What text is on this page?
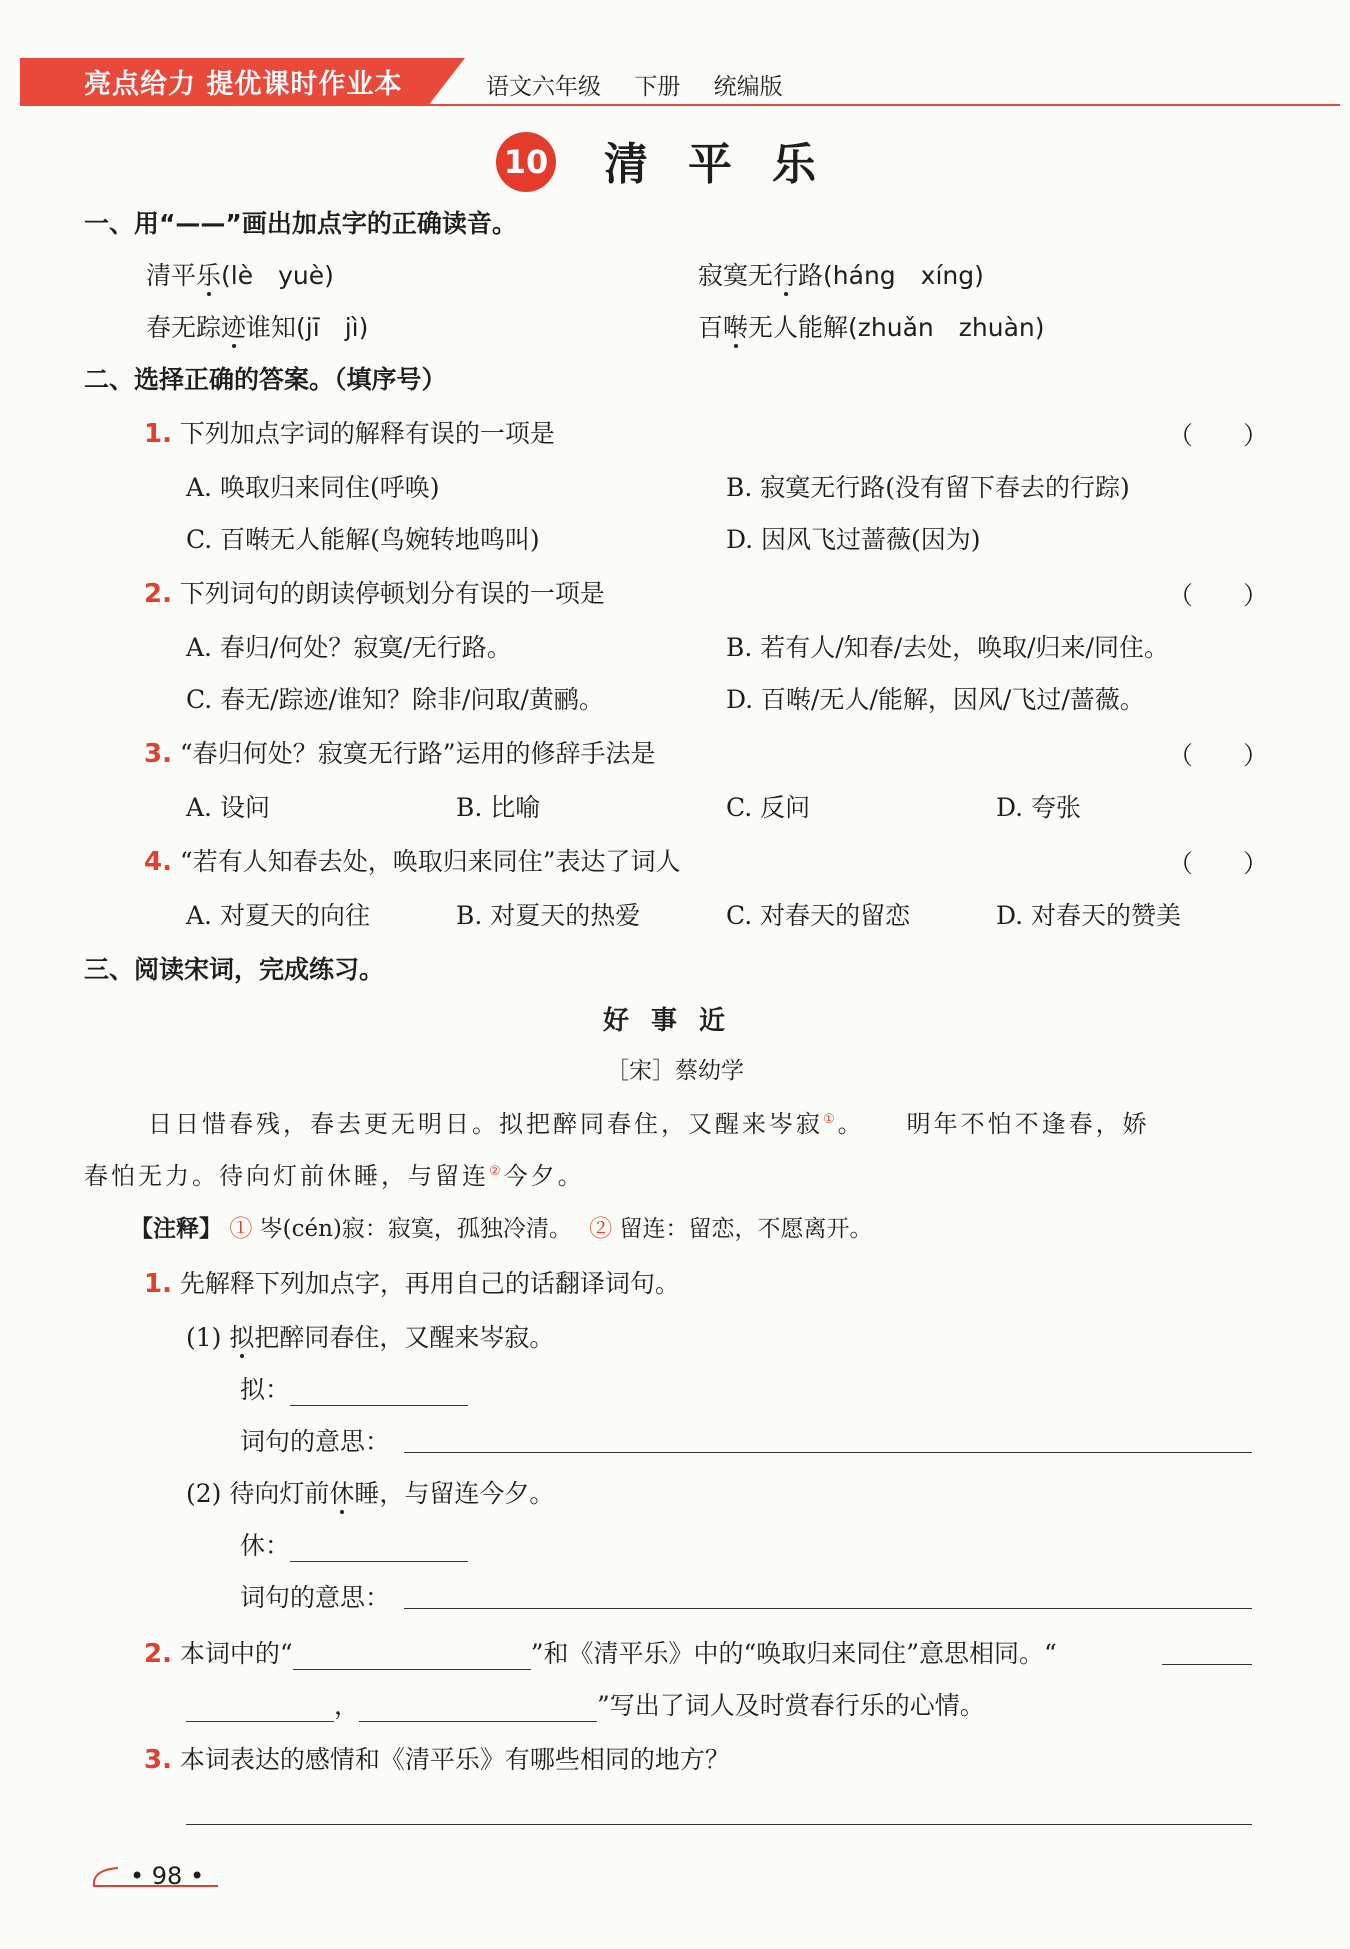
亮点给力 提优课时作业本	语文六年级 下册 统编版
10 清平乐
一、用“——”画出加点字的正确读音。
清平乐(lè　yuè)	寂寞无行路(háng　xíng)
春无踪迹谁知(jī　jì)	百啭无人能解(zhuǎn　zhuàn)
二、选择正确的答案。（填序号）
1. 下列加点字词的解释有误的一项是	（　　）
A. 唤取归来同住(呼唤)	B. 寂寞无行路(没有留下春去的行踪)
C. 百啭无人能解(鸟婉转地鸣叫)	D. 因风飞过蔷薇(因为)
2. 下列词句的朗读停顿划分有误的一项是	（　　）
A. 春归/何处？寂寞/无行路。	B. 若有人/知春/去处，唤取/归来/同住。
C. 春无/踪迹/谁知？除非/问取/黄鹂。	D. 百啭/无人/能解，因风/飞过/蔷薇。
3. “春归何处？寂寞无行路”运用的修辞手法是	（　　）
A. 设问	B. 比喻	C. 反问	D. 夸张
4. “若有人知春去处，唤取归来同住”表达了词人	（　　）
A. 对夏天的向往	B. 对夏天的热爱	C. 对春天的留恋	D. 对春天的赞美
三、阅读宋词，完成练习。
好事近
［宋］蔡幼学
日日惜春残，春去更无明日。拟把醉同春住，又醒来岑寂①。　　明年不怕不逢春，娇
春怕无力。待向灯前休睡，与留连②今夕。
【注释】 ① 岑(cén)寂：寂寞，孤独冷清。 ② 留连：留恋，不愿离开。
1. 先解释下列加点字，再用自己的话翻译词句。
(1) 拟把醉同春住，又醒来岑寂。
拟：
词句的意思：
(2) 待向灯前休睡，与留连今夕。
休：
词句的意思：
2. 本词中的“	”和《清平乐》中的“唤取归来同住”意思相同。“
，	”写出了词人及时赏春行乐的心情。
3. 本词表达的感情和《清平乐》有哪些相同的地方？
• 98 •
